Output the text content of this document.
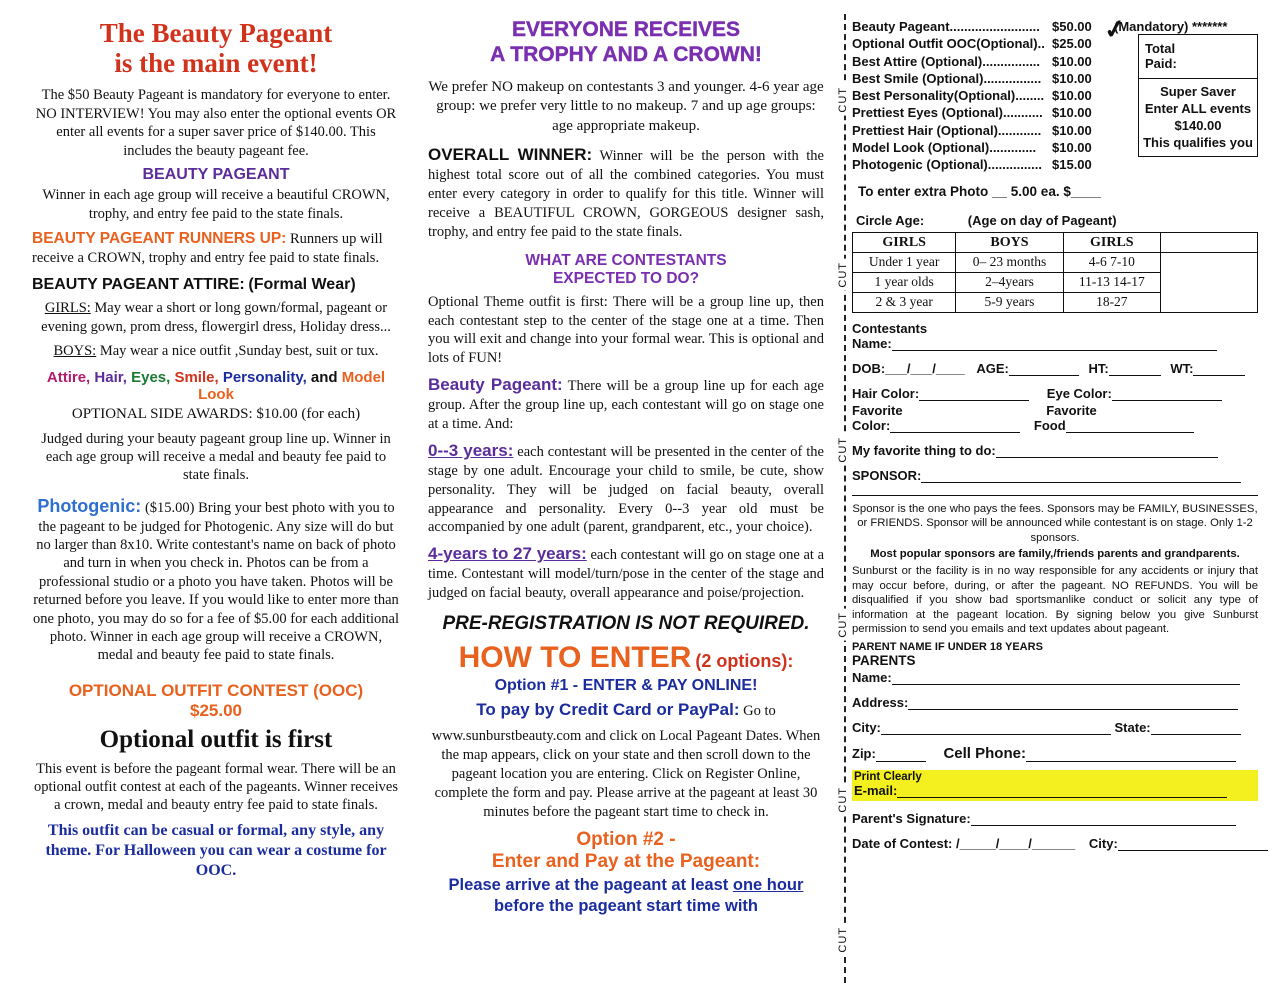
The Beauty Pageant
is the main event!

The $50 Beauty Pageant is mandatory for everyone to enter. NO INTERVIEW! You may also enter the optional events OR enter all events for a super saver price of $140.00. This includes the beauty pageant fee.

BEAUTY PAGEANT

Winner in each age group will receive a beautiful CROWN, trophy, and entry fee paid to the state finals.

BEAUTY PAGEANT RUNNERS UP: Runners up will receive a CROWN, trophy and entry fee paid to state finals.

BEAUTY PAGEANT ATTIRE: (Formal Wear)

GIRLS: May wear a short or long gown/formal, pageant or evening gown, prom dress, flowergirl dress, Holiday dress...

BOYS: May wear a nice outfit ,Sunday best, suit or tux.

Attire, Hair, Eyes, Smile, Personality, and Model Look

OPTIONAL SIDE AWARDS: $10.00 (for each)

Judged during your beauty pageant group line up. Winner in each age group will receive a medal and beauty fee paid to state finals.

Photogenic: ($15.00) Bring your best photo with you to the pageant to be judged for Photogenic. Any size will do but no larger than 8x10. Write contestant's name on back of photo and turn in when you check in. Photos can be from a professional studio or a photo you have taken. Photos will be returned before you leave. If you would like to enter more than one photo, you may do so for a fee of $5.00 for each additional photo. Winner in each age group will receive a CROWN, medal and beauty fee paid to state finals.

OPTIONAL OUTFIT CONTEST (OOC)
$25.00
Optional outfit is first

This event is before the pageant formal wear. There will be an optional outfit contest at each of the pageants. Winner receives a crown, medal and beauty entry fee paid to state finals.

This outfit can be casual or formal, any style, any theme. For Halloween you can wear a costume for OOC.

EVERYONE RECEIVES
A TROPHY AND A CROWN!

We prefer NO makeup on contestants 3 and younger. 4-6 year age group: we prefer very little to no makeup. 7 and up age groups: age appropriate makeup.

OVERALL WINNER: Winner will be the person with the highest total score out of all the combined categories. You must enter every category in order to qualify for this title. Winner will receive a BEAUTIFUL CROWN, GORGEOUS designer sash, trophy, and entry fee paid to the state finals.

WHAT ARE CONTESTANTS
EXPECTED TO DO?

Optional Theme outfit is first: There will be a group line up, then each contestant step to the center of the stage one at a time. Then you will exit and change into your formal wear. This is optional and lots of FUN!

Beauty Pageant: There will be a group line up for each age group. After the group line up, each contestant will go on stage one at a time. And:

0--3 years: each contestant will be presented in the center of the stage by one adult. Encourage your child to smile, be cute, show personality. They will be judged on facial beauty, overall appearance and personality. Every 0--3 year old must be accompanied by one adult (parent, grandparent, etc., your choice).

4-years to 27 years: each contestant will go on stage one at a time. Contestant will model/turn/pose in the center of the stage and judged on facial beauty, overall appearance and poise/projection.

PRE-REGISTRATION IS NOT REQUIRED.
HOW TO ENTER (2 options):
Option #1 - ENTER & PAY ONLINE!

To pay by Credit Card or PayPal: Go to

www.sunburstbeauty.com and click on Local Pageant Dates. When the map appears, click on your state and then scroll down to the pageant location you are entering. Click on Register Online, complete the form and pay. Please arrive at the pageant at least 30 minutes before the pageant start time to check in.

Option #2 -
Enter and Pay at the Pageant:
Please arrive at the pageant at least one hour before the pageant start time with
CUT
CUT
CUT
CUT
CUT
CUT
Beauty Pageant......................... $50.00	(Mandatory) *******
Optional Outfit OOC(Optional).. $25.00
Best Attire (Optional)................ $10.00
Best Smile (Optional)................ $10.00
Best Personality(Optional)........ $10.00
Prettiest Eyes (Optional)........... $10.00
Prettiest Hair (Optional)............ $10.00
Model Look (Optional).............	$10.00
Photogenic (Optional)............... $15.00
✓
Total
Paid:
Super Saver
Enter ALL events
$140.00
This qualifies you
To enter extra Photo __ 5.00 ea. $____
Circle Age:	(Age on day of Pageant)
GIRLS	BOYS	GIRLS	
Under 1 year	0– 23 months	4-6 7-10	
1 year olds	2–4years	11-13 14-17	
2 & 3 year	5-9 years	18-27	
Contestants
Name:
DOB:___/___/____ AGE:	HT:	WT:
Hair Color:	Eye Color:
Favorite	Favorite
Color:	Food
My favorite thing to do:
SPONSOR:
Sponsor is the one who pays the fees. Sponsors may be FAMILY, BUSINESSES, or FRIENDS. Sponsor will be announced while contestant is on stage. Only 1-2 sponsors.
Most popular sponsors are family,/friends parents and grandparents.
Sunburst or the facility is in no way responsible for any accidents or injury that may occur before, during, or after the pageant. NO REFUNDS. You will be disqualified if you show bad sportsmanlike conduct or solicit any type of information at the pageant location. By signing below you give Sunburst permission to send you emails and text updates about pageant.
PARENT NAME IF UNDER 18 YEARS
PARENTS
Name:
Address:
City:	State:
Zip:	Cell Phone:
Print Clearly
E-mail:
Parent's Signature:
Date of Contest: /_____/____/______ City:
